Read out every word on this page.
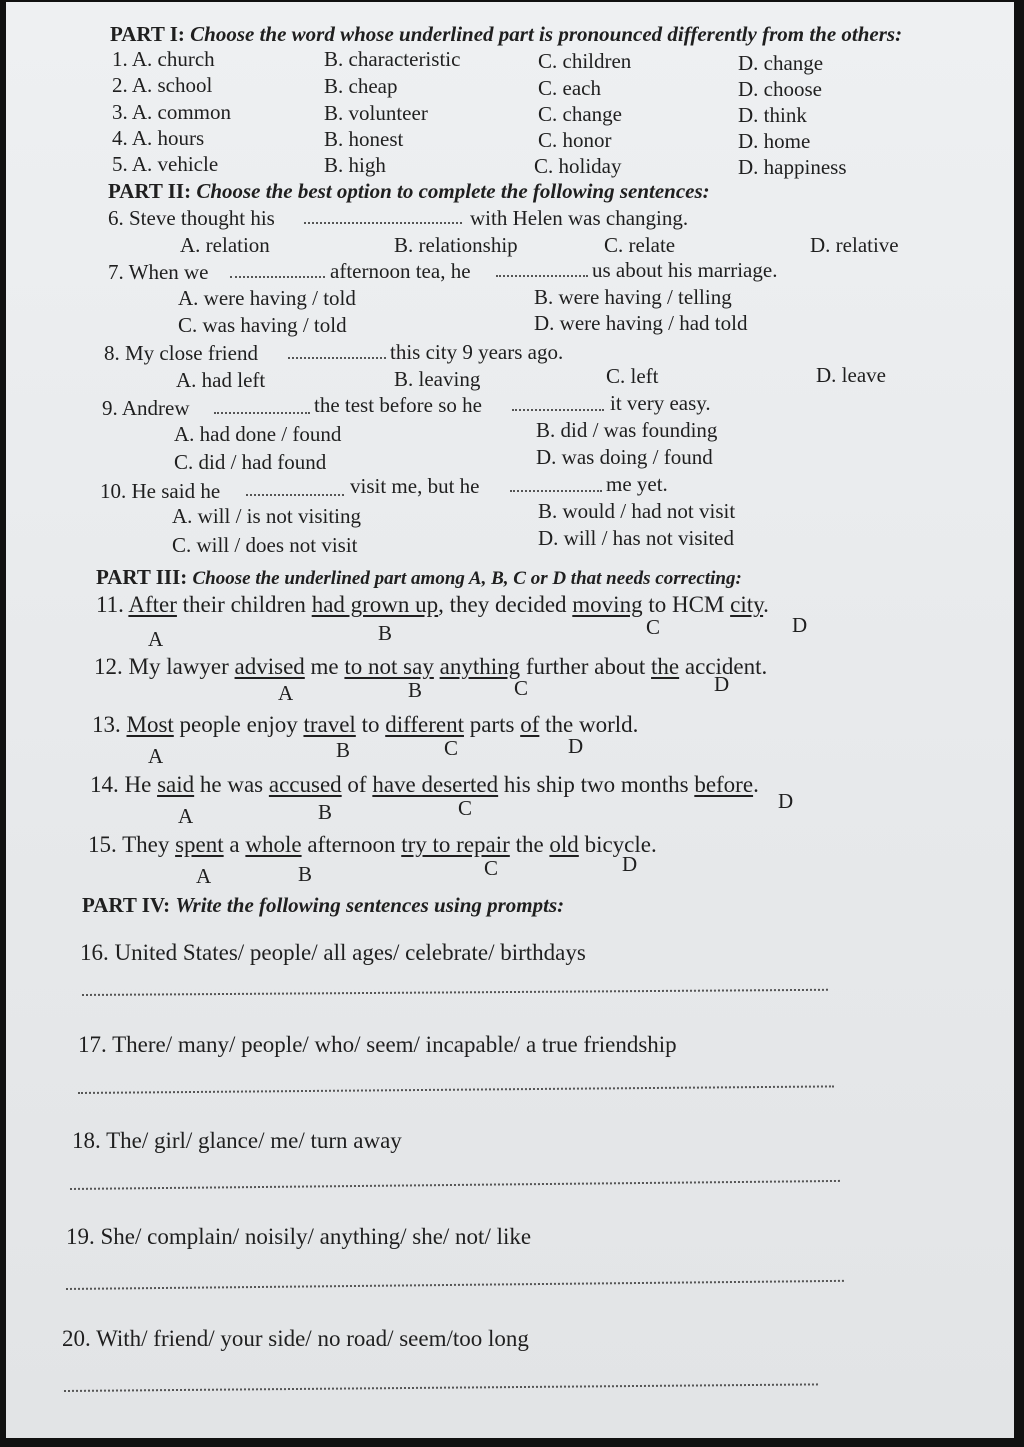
PART I: Choose the word whose underlined part is pronounced differently from the others:
1. A. church	B. characteristic	C. children	D. change
2. A. school	B. cheap	C. each	D. choose
3. A. common	B. volunteer	C. change	D. think
4. A. hours	B. honest	C. honor	D. home
5. A. vehicle	B. high	C. holiday	D. happiness
PART II: Choose the best option to complete the following sentences:
6. Steve thought his	with Helen was changing.
A. relation	B. relationship	C. relate	D. relative
7. When we	afternoon tea, he	us about his marriage.
A. were having / told	B. were having / telling
C. was having / told	D. were having / had told
8. My close friend	this city 9 years ago.
A. had left	B. leaving	C. left	D. leave
9. Andrew	the test before so he	it very easy.
A. had done / found	B. did / was founding
C. did / had found	D. was doing / found
10. He said he	visit me, but he	me yet.
A. will / is not visiting	B. would / had not visit
C. will / does not visit	D. will / has not visited
PART III: Choose the underlined part among A, B, C or D that needs correcting:
11. After their children had grown up, they decided moving to HCM city.
A	B	C	D
12. My lawyer advised me to not say anything further about the accident.
A	B	C	D
13. Most people enjoy travel to different parts of the world.
A	B	C	D
14. He said he was accused of have deserted his ship two months before.
A	B	C	D
15. They spent a whole afternoon try to repair the old bicycle.
A	B	C	D
PART IV: Write the following sentences using prompts:
16. United States/ people/ all ages/ celebrate/ birthdays
17. There/ many/ people/ who/ seem/ incapable/ a true friendship
18. The/ girl/ glance/ me/ turn away
19. She/ complain/ noisily/ anything/ she/ not/ like
20. With/ friend/ your side/ no road/ seem/too long
